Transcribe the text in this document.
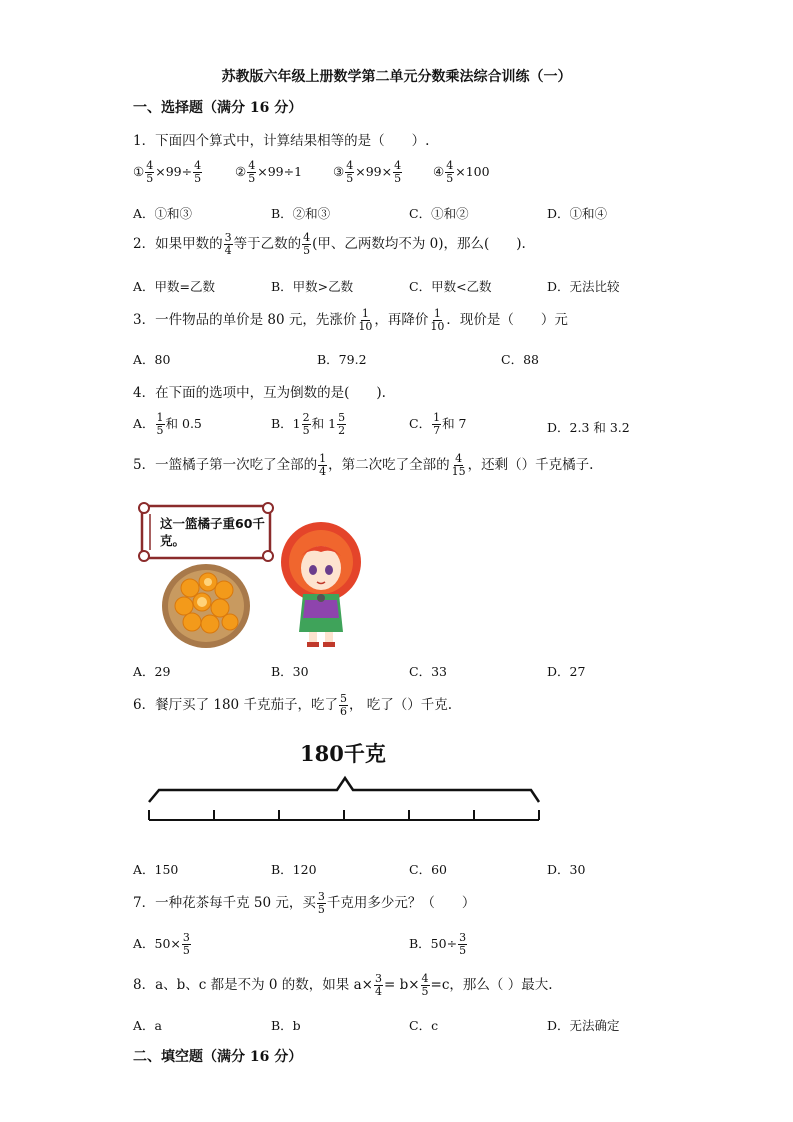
苏教版六年级上册数学第二单元分数乘法综合训练（一）
一、选择题（满分 16 分）
1．下面四个算式中，计算结果相等的是（　　）.
① $\frac{4}{5} \times 99\div \frac{4}{5}$	② $\frac{4}{5} \times 99\div 1$ ③ $\frac{4}{5} \times 99\times \frac{4}{5}$ ④ $\frac{4}{5} \times 100$
A．①和③	B．②和③	C．①和②	D．①和④
2．如果甲数的 $\frac{3}{4}$ 等于乙数的 $\frac{4}{5}$ (甲、乙两数均不为 0)，那么(　　).
A．甲数=乙数	B．甲数>乙数	C．甲数<乙数	D．无法比较
3．一件物品的单价是 80 元，先涨价 $\frac{1}{10}$ ，再降价 $\frac{1}{10}$ ．现价是（　　）元
A．80	B．79.2	C．88
4．在下面的选项中，互为倒数的是(　　).
A． $\frac{1}{5}$ 和 0.5	B．$1 \frac{2}{5}$ 和 $1 \frac{5}{2}$	C． $\frac{1}{7}$ 和 7	D．2.3 和 3.2
5．一篮橘子第一次吃了全部的 $\frac{1}{4}$ ，第二次吃了全部的 $\frac{4}{15}$ ，还剩（）千克橘子.
这一篮橘子重60千克。
A．29	B．30	C．33	D．27
6．餐厅买了 180 千克茄子，吃了 $\frac{5}{6}$ ， 吃了（）千克.
180千克
A．150	B．120	C．60	D．30
7．一种花茶每千克 50 元，买 $\frac{3}{5}$ 千克用多少元？（　　）
A．$50\times \frac{3}{5}$	B．$50\div \frac{3}{5}$
8．a、b、c 都是不为 0 的数，如果 $a\times \frac{3}{4} = b\times \frac{4}{5} =c$，那么（ ）最大.
A．a	B．b	C．c	D．无法确定
二、填空题（满分 16 分）
